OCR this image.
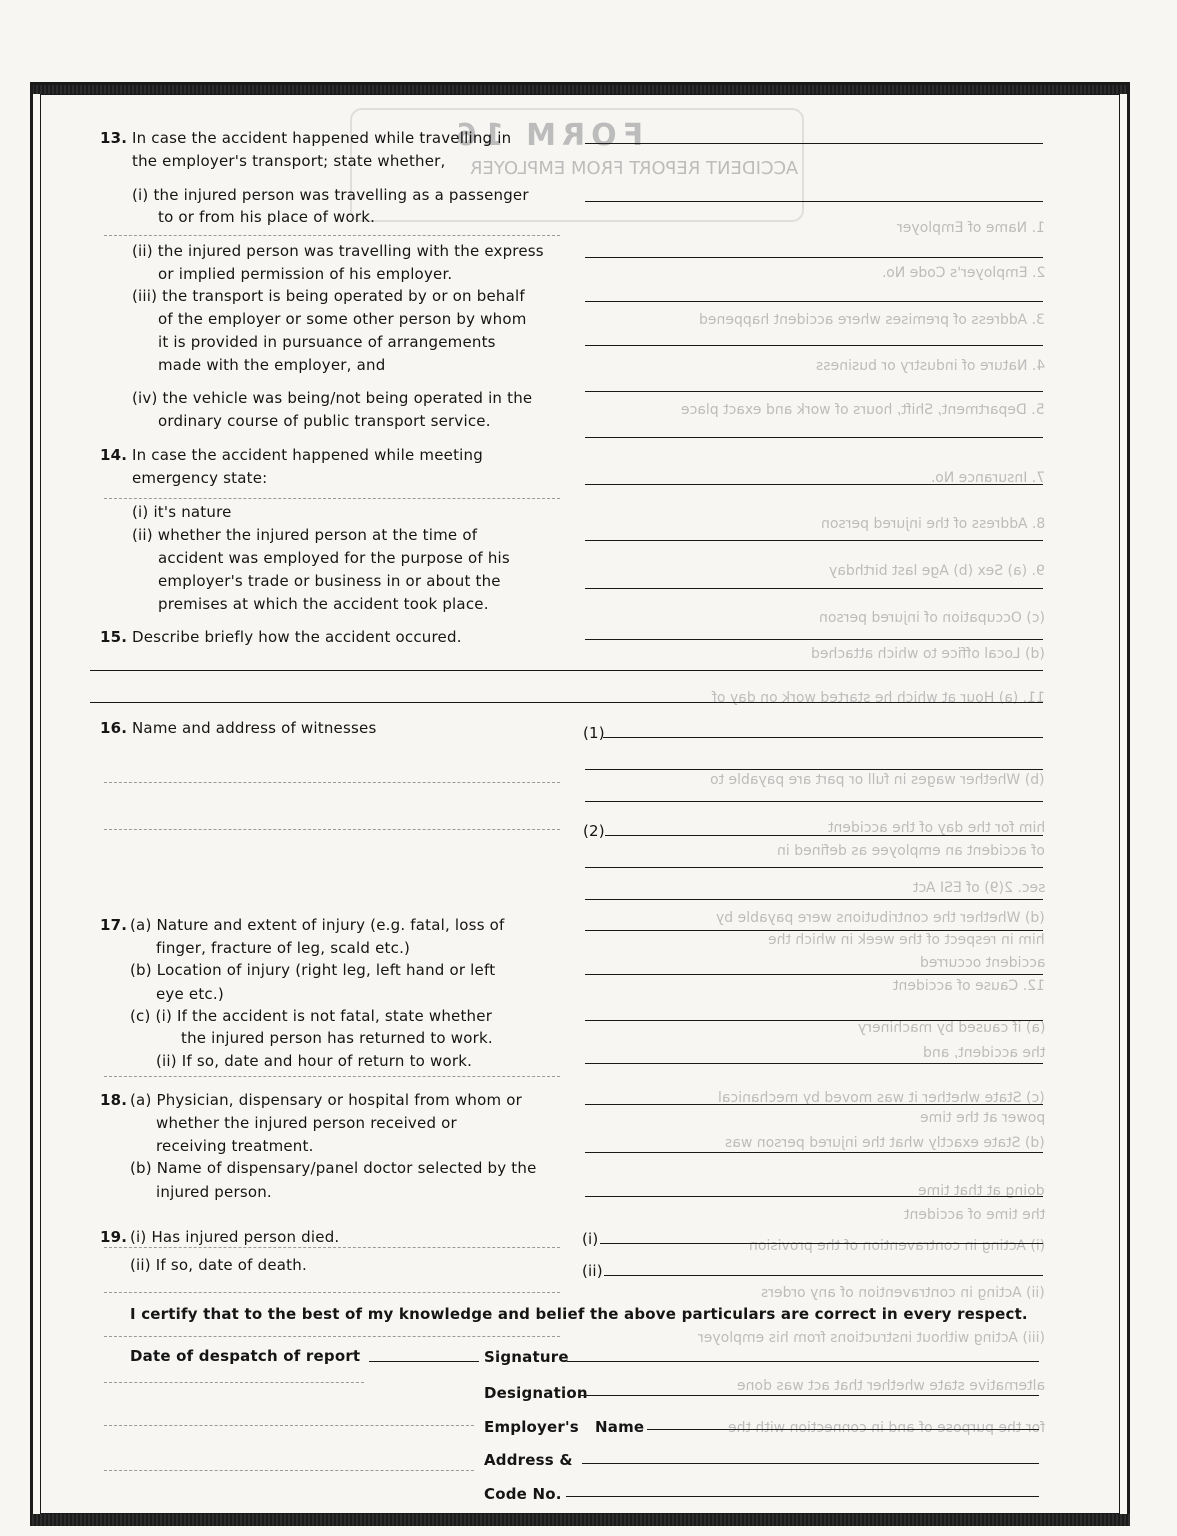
FORM 16
ACCIDENT REPORT FROM EMPLOYER
1. Name of Employer
2. Employer's Code No.
3. Address of premises where accident happened
4. Nature of industry or business
5. Department, Shift, hours of work and exact place
7. Insurance No.
8. Address of the injured person
9. (a) Sex (b) Age last birthday
(c) Occupation of injured person
(d) Local office to which attached
11. (a) Hour at which he started work on day of
(b) Whether wages in full or part are payable to
him for the day of the accident
of accident an employee as defined in
sec. 2(9) of ESI Act
(d) Whether the contributions were payable by
him in respect of the week in which the
accident occurred
12. Cause of accident
(a) if caused by machinery
the accident, and
(c) State whether it was moved by mechanical
power at the time
(d) State exactly what the injured person was
doing at that time
the time of accident
(i) Acting in contravention of the provision
(ii) Acting in contravention of any orders
(iii) Acting without instructions from his employer
alternative state whether that act was done
for the purpose of and in connection with the
13. In case the accident happened while travelling in
the employer's transport; state whether,
(i) the injured person was travelling as a passenger
to or from his place of work.
(ii) the injured person was travelling with the express
or implied permission of his employer.
(iii) the transport is being operated by or on behalf
of the employer or some other person by whom
it is provided in pursuance of arrangements
made with the employer, and
(iv) the vehicle was being/not being operated in the
ordinary course of public transport service.
14. In case the accident happened while meeting
emergency state:
(i) it's nature
(ii) whether the injured person at the time of
accident was employed for the purpose of his
employer's trade or business in or about the
premises at which the accident took place.
15. Describe briefly how the accident occured.
16. Name and address of witnesses	(1)
(2)
17. (a) Nature and extent of injury (e.g. fatal, loss of
finger, fracture of leg, scald etc.)
(b) Location of injury (right leg, left hand or left
eye etc.)
(c) (i) If the accident is not fatal, state whether
the injured person has returned to work.
(ii) If so, date and hour of return to work.
18. (a) Physician, dispensary or hospital from whom or
whether the injured person received or
receiving treatment.
(b) Name of dispensary/panel doctor selected by the
injured person.
19. (i) Has injured person died.
(ii) If so, date of death.
(i)
(ii)
I certify that to the best of my knowledge and belief the above particulars are correct in every respect.
Date of despatch of report	Signature
Designation
Employer's Name
Address &
Code No.
